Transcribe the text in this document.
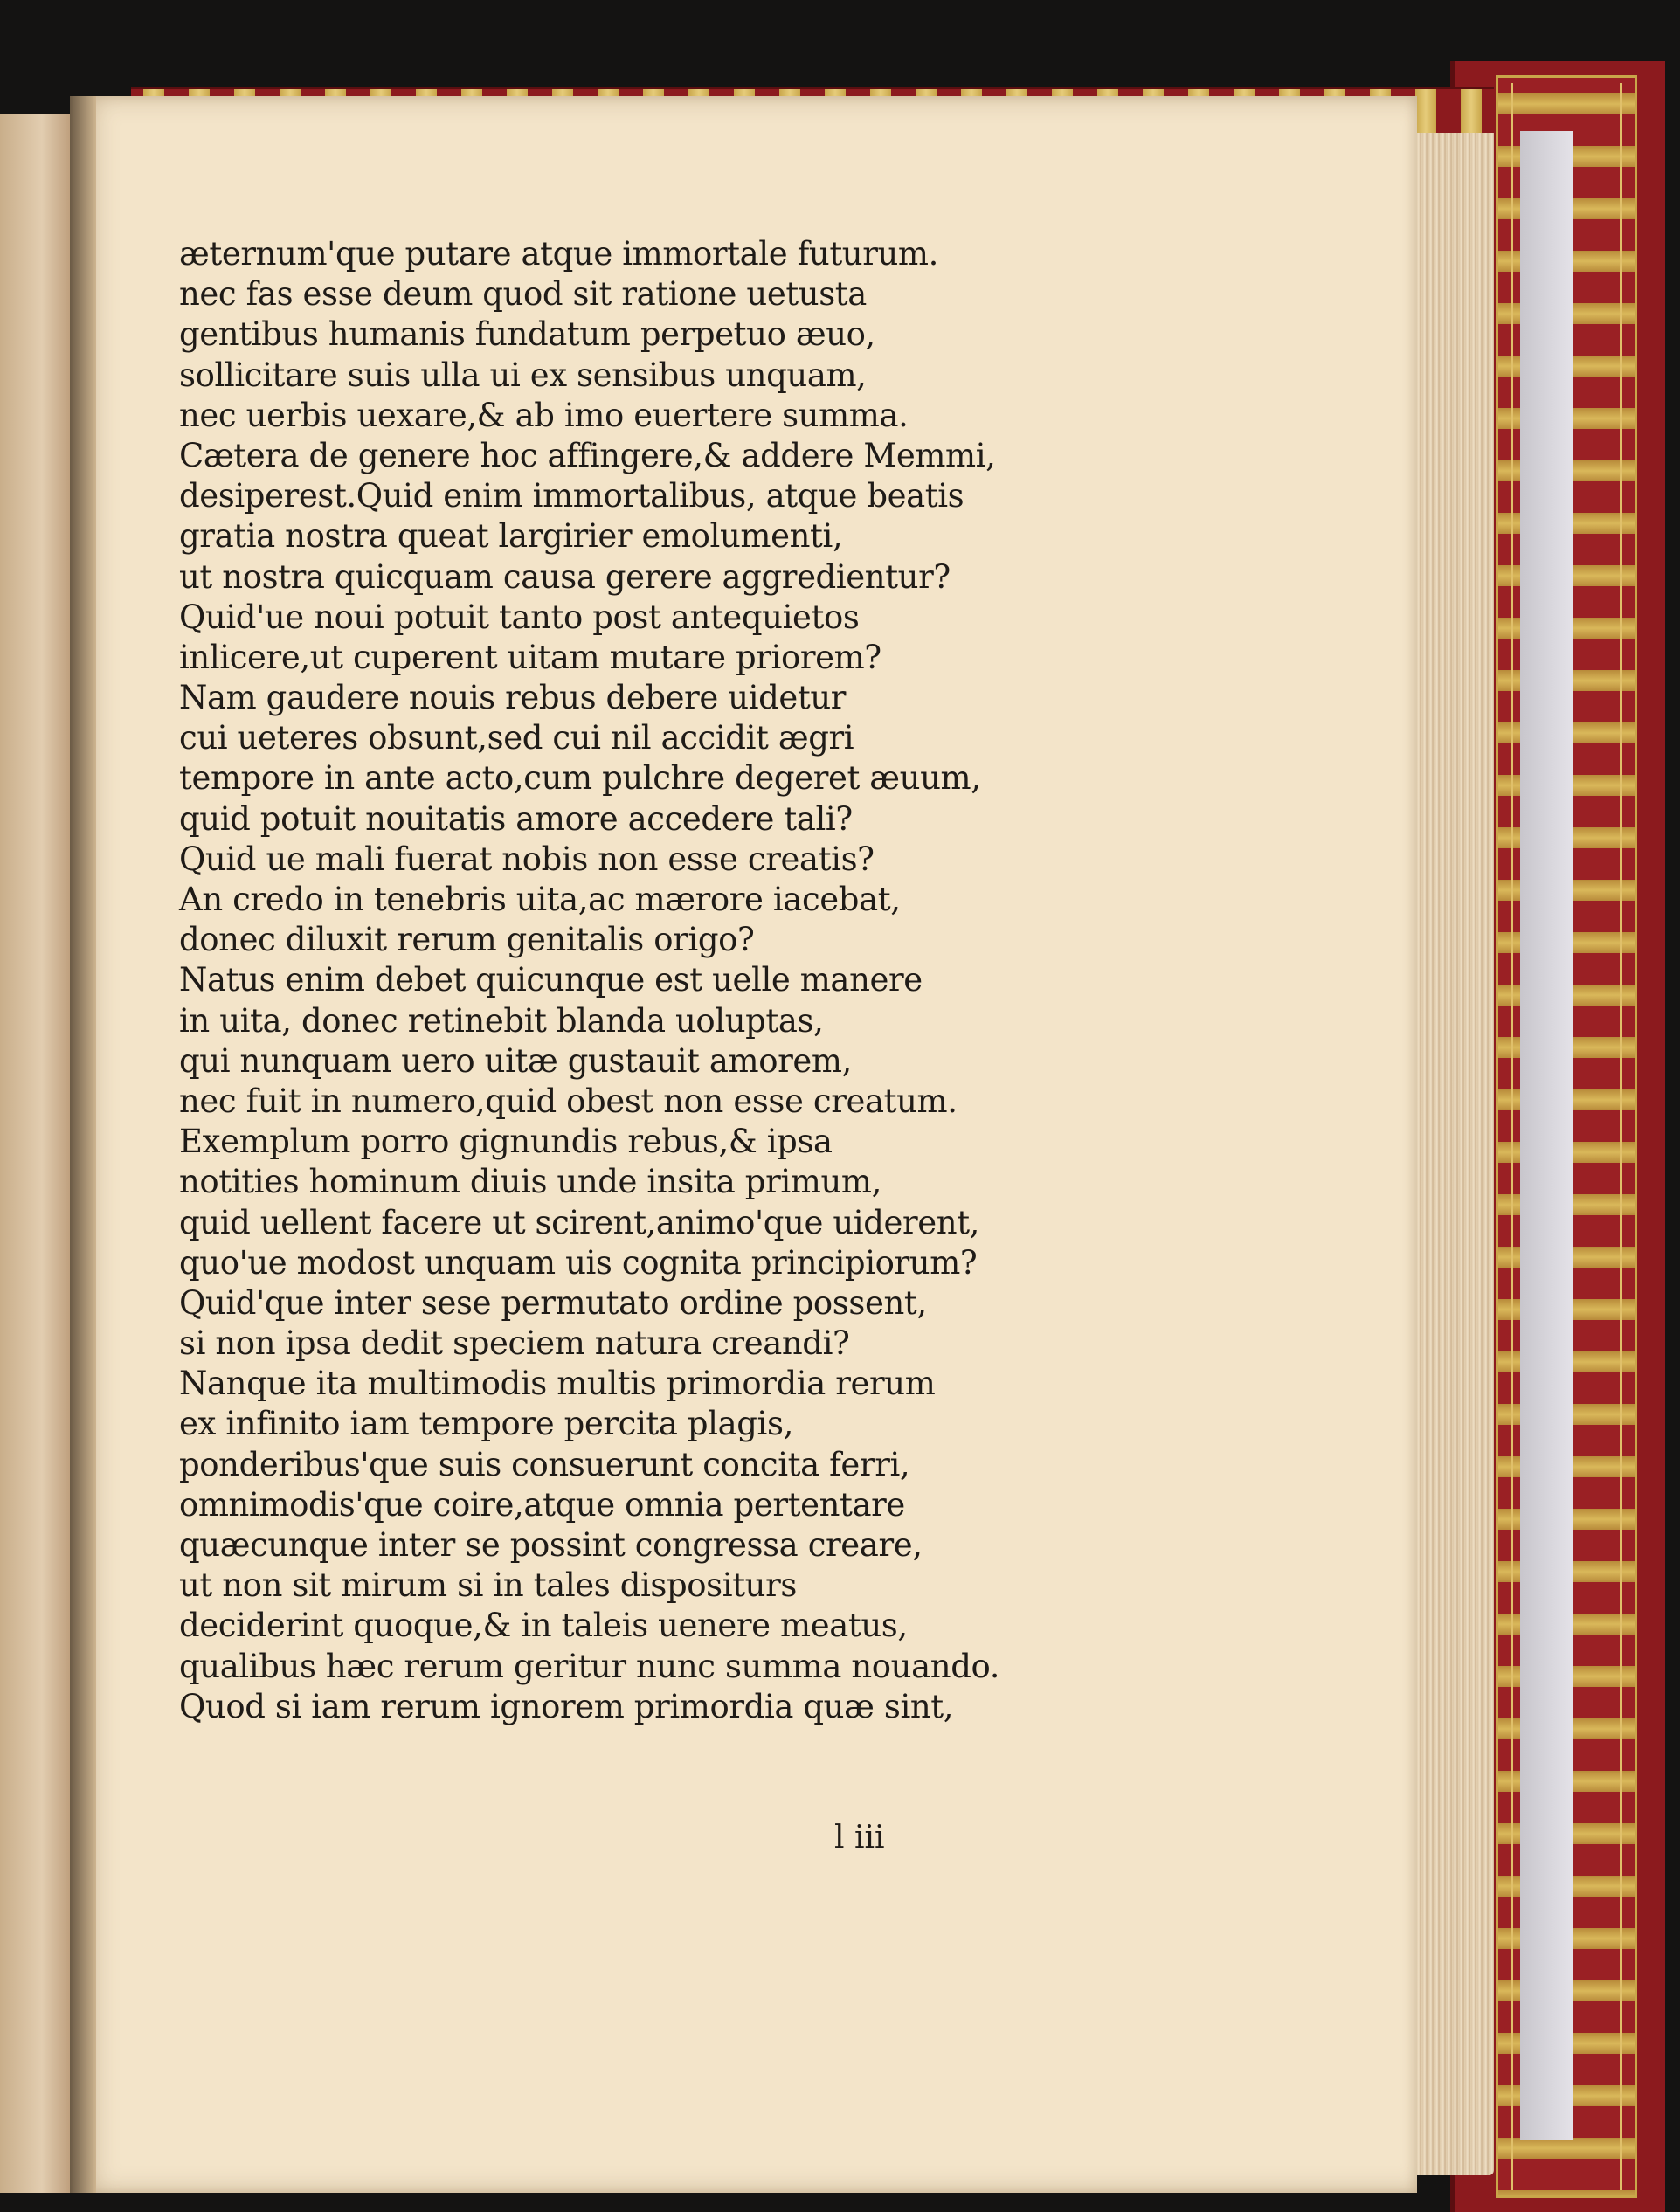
æternum'que putare atque immortale futurum.
nec fas esse deum quod sit ratione uetusta
gentibus humanis fundatum perpetuo æuo,
sollicitare suis ulla ui ex sensibus unquam,
nec uerbis uexare,& ab imo euertere summa.
Cætera de genere hoc affingere,& addere Memmi,
desiperest.Quid enim immortalibus, atque beatis
gratia nostra queat largirier emolumenti,
ut nostra quicquam causa gerere aggredientur?
Quid'ue noui potuit tanto post antequietos
inlicere,ut cuperent uitam mutare priorem?
Nam gaudere nouis rebus debere uidetur
cui ueteres obsunt,sed cui nil accidit ægri
tempore in ante acto,cum pulchre degeret æuum,
quid potuit nouitatis amore accedere tali?
Quid ue mali fuerat nobis non esse creatis?
An credo in tenebris uita,ac mærore iacebat,
donec diluxit rerum genitalis origo?
Natus enim debet quicunque est uelle manere
in uita, donec retinebit blanda uoluptas,
qui nunquam uero uitæ gustauit amorem,
nec fuit in numero,quid obest non esse creatum.
Exemplum porro gignundis rebus,& ipsa
notities hominum diuis unde insita primum,
quid uellent facere ut scirent,animo'que uiderent,
quo'ue modost unquam uis cognita principiorum?
Quid'que inter sese permutato ordine possent,
si non ipsa dedit speciem natura creandi?
Nanque ita multimodis multis primordia rerum
ex infinito iam tempore percita plagis,
ponderibus'que suis consuerunt concita ferri,
omnimodis'que coire,atque omnia pertentare
quæcunque inter se possint congressa creare,
ut non sit mirum si in tales dispositurs
deciderint quoque,& in taleis uenere meatus,
qualibus hæc rerum geritur nunc summa nouando.
Quod si iam rerum ignorem primordia quæ sint,
l iii
